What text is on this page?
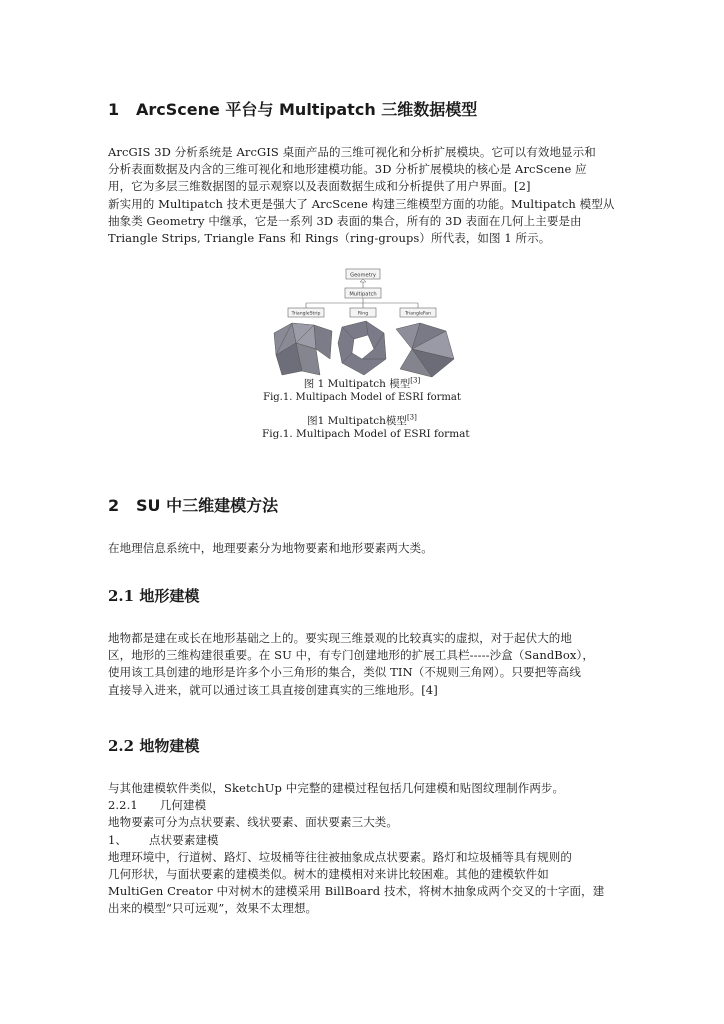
1 ArcScene 平台与 Multipatch 三维数据模型
ArcGIS 3D 分析系统是 ArcGIS 桌面产品的三维可视化和分析扩展模块。它可以有效地显示和
分析表面数据及内含的三维可视化和地形建模功能。3D 分析扩展模块的核心是 ArcScene 应
用，它为多层三维数据图的显示观察以及表面数据生成和分析提供了用户界面。[2]
新实用的 Multipatch 技术更是强大了 ArcScene 构建三维模型方面的功能。Multipatch 模型从
抽象类 Geometry 中继承，它是一系列 3D 表面的集合，所有的 3D 表面在几何上主要是由
Triangle Strips, Triangle Fans 和 Rings（ring-groups）所代表，如图 1 所示。
Geometry
Multipatch
TriangleStrip	Ring	TriangleFan
图 1 Multipatch 模型[3]
Fig.1. Multipach Model of ESRI format
图1 Multipatch模型[3]
Fig.1. Multipach Model of ESRI format
2 SU 中三维建模方法
在地理信息系统中，地理要素分为地物要素和地形要素两大类。
2.1 地形建模
地物都是建在或长在地形基础之上的。要实现三维景观的比较真实的虚拟，对于起伏大的地
区，地形的三维构建很重要。在 SU 中，有专门创建地形的扩展工具栏-----沙盒（SandBox），
使用该工具创建的地形是许多个小三角形的集合，类似 TIN（不规则三角网）。只要把等高线
直接导入进来，就可以通过该工具直接创建真实的三维地形。[4]
2.2 地物建模
与其他建模软件类似，SketchUp 中完整的建模过程包括几何建模和贴图纹理制作两步。
2.2.1 几何建模
地物要素可分为点状要素、线状要素、面状要素三大类。
1、 点状要素建模
地理环境中，行道树、路灯、垃圾桶等往往被抽象成点状要素。路灯和垃圾桶等具有规则的
几何形状，与面状要素的建模类似。树木的建模相对来讲比较困难。其他的建模软件如
MultiGen Creator 中对树木的建模采用 BillBoard 技术，将树木抽象成两个交叉的十字面，建
出来的模型“只可远观”，效果不太理想。
